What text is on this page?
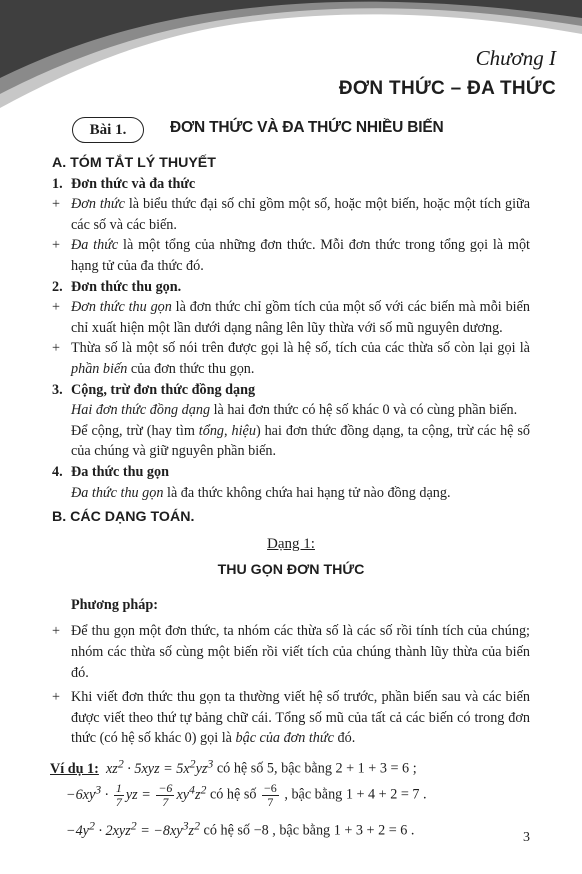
Chương I
ĐƠN THỨC – ĐA THỨC
Bài 1.	ĐƠN THỨC VÀ ĐA THỨC NHIỀU BIẾN
A. TÓM TẮT LÝ THUYẾT
1. Đơn thức và đa thức
+ Đơn thức là biểu thức đại số chỉ gồm một số, hoặc một biến, hoặc một tích giữa các số và các biến.
+ Đa thức là một tổng của những đơn thức. Mỗi đơn thức trong tổng gọi là một hạng tử của đa thức đó.
2. Đơn thức thu gọn.
+ Đơn thức thu gọn là đơn thức chỉ gồm tích của một số với các biến mà mỗi biến chỉ xuất hiện một lần dưới dạng nâng lên lũy thừa với số mũ nguyên dương.
+ Thừa số là một số nói trên được gọi là hệ số, tích của các thừa số còn lại gọi là phần biến của đơn thức thu gọn.
3. Cộng, trừ đơn thức đồng dạng
Hai đơn thức đồng dạng là hai đơn thức có hệ số khác 0 và có cùng phần biến.
Để cộng, trừ (hay tìm tổng, hiệu) hai đơn thức đồng dạng, ta cộng, trừ các hệ số của chúng và giữ nguyên phần biến.
4. Đa thức thu gọn
Đa thức thu gọn là đa thức không chứa hai hạng tử nào đồng dạng.
B. CÁC DẠNG TOÁN.
Dạng 1:
THU GỌN ĐƠN THỨC
Phương pháp:
+ Để thu gọn một đơn thức, ta nhóm các thừa số là các số rồi tính tích của chúng; nhóm các thừa số cùng một biến rồi viết tích của chúng thành lũy thừa của biến đó.
+ Khi viết đơn thức thu gọn ta thường viết hệ số trước, phần biến sau và các biến được viết theo thứ tự bảng chữ cái. Tổng số mũ của tất cả các biến có trong đơn thức (có hệ số khác 0) gọi là bậc của đơn thức đó.
Ví dụ 1:  $xz^2 \cdot 5xyz = 5x^2yz^3$ có hệ số 5, bậc bằng 2 + 1 + 3 = 6 ;
$-6xy^3 \cdot \frac{1}{7}$ yz = $\frac{-6}{7} xy^4z^2$ có hệ số $\frac{-6}{7}$ , bậc bằng 1 + 4 + 2 = 7 .
$-4y^2 \cdot 2xyz^2 = -8xy^3z^2$ có hệ số −8 , bậc bằng 1 + 3 + 2 = 6 .	3
